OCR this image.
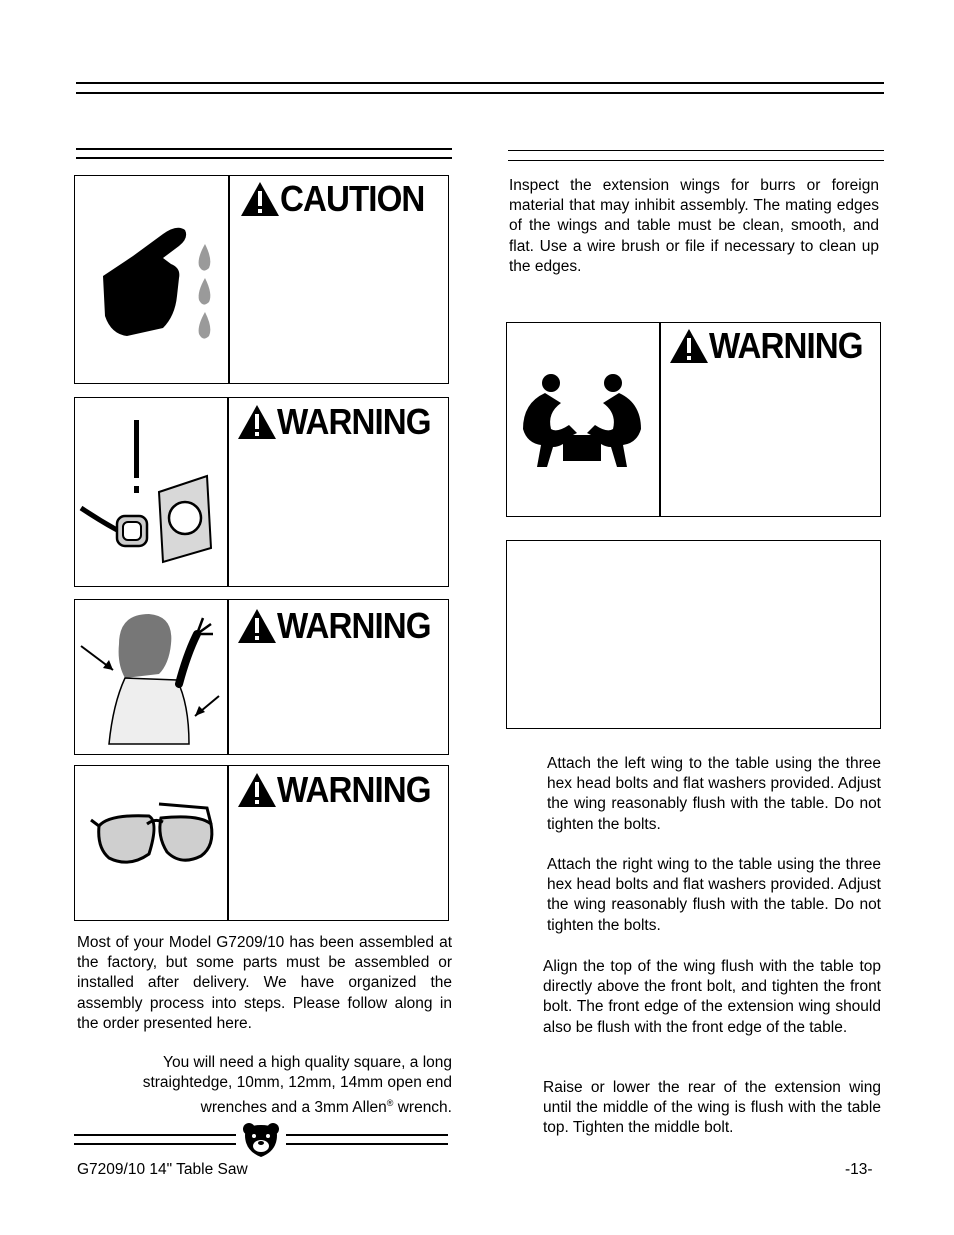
CAUTION
WARNING
WARNING
WARNING
Most of your Model G7209/10 has been assembled at the factory, but some parts must be assembled or installed after delivery. We have organized the assembly process into steps. Please follow along in the order presented here.
You will need a high quality square, a long straightedge, 10mm, 12mm, 14mm open end wrenches and a 3mm Allen® wrench.
Inspect the extension wings for burrs or foreign material that may inhibit assembly. The mating edges of the wings and table must be clean, smooth, and flat. Use a wire brush or file if necessary to clean up the edges.
WARNING
Attach the left wing to the table using the three hex head bolts and flat washers provided. Adjust the wing reasonably flush with the table. Do not tighten the bolts.
Attach the right wing to the table using the three hex head bolts and flat washers provided. Adjust the wing reasonably flush with the table. Do not tighten the bolts.
Align the top of the wing flush with the table top directly above the front bolt, and tighten the front bolt. The front edge of the extension wing should also be flush with the front edge of the table.
Raise or lower the rear of the extension wing until the middle of the wing is flush with the table top. Tighten the middle bolt.
G7209/10 14" Table Saw	-13-
